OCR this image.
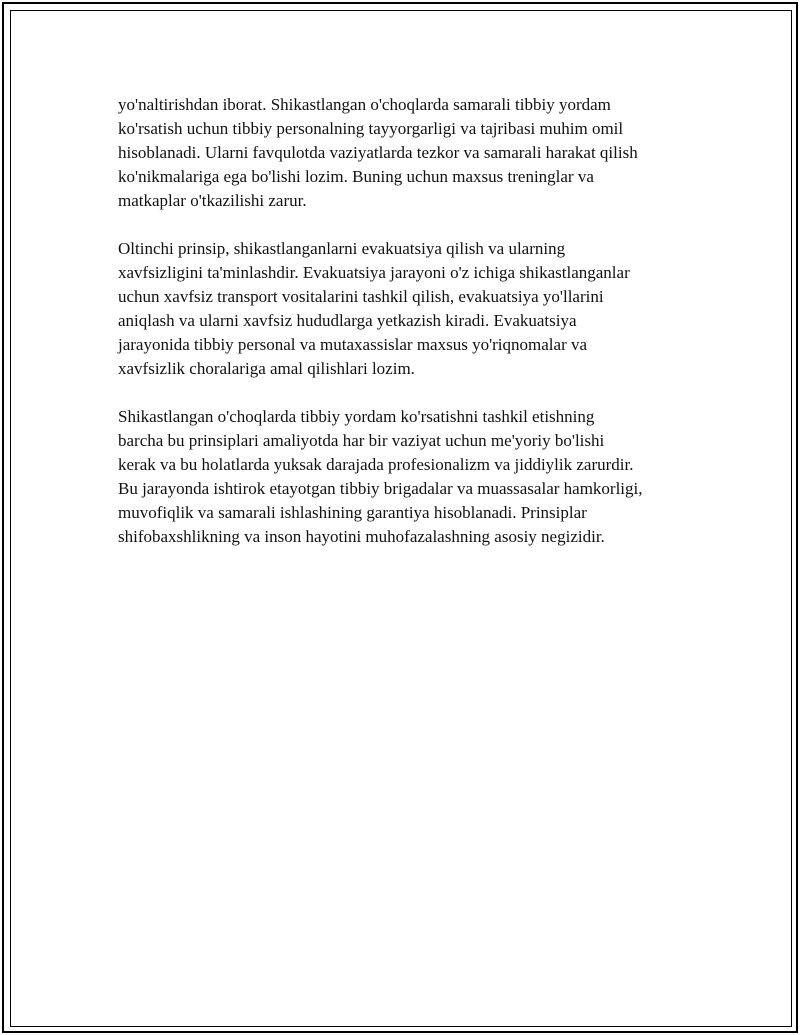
yo'naltirishdan iborat. Shikastlangan o'choqlarda samarali tibbiy yordam
ko'rsatish uchun tibbiy personalning tayyorgarligi va tajribasi muhim omil
hisoblanadi. Ularni favqulotda vaziyatlarda tezkor va samarali harakat qilish
ko'nikmalariga ega bo'lishi lozim. Buning uchun maxsus treninglar va
matkaplar o'tkazilishi zarur.

Oltinchi prinsip, shikastlanganlarni evakuatsiya qilish va ularning
xavfsizligini ta'minlashdir. Evakuatsiya jarayoni o'z ichiga shikastlanganlar
uchun xavfsiz transport vositalarini tashkil qilish, evakuatsiya yo'llarini
aniqlash va ularni xavfsiz hududlarga yetkazish kiradi. Evakuatsiya
jarayonida tibbiy personal va mutaxassislar maxsus yo'riqnomalar va
xavfsizlik choralariga amal qilishlari lozim.

Shikastlangan o'choqlarda tibbiy yordam ko'rsatishni tashkil etishning
barcha bu prinsiplari amaliyotda har bir vaziyat uchun me'yoriy bo'lishi
kerak va bu holatlarda yuksak darajada profesionalizm va jiddiylik zarurdir.
Bu jarayonda ishtirok etayotgan tibbiy brigadalar va muassasalar hamkorligi,
muvofiqlik va samarali ishlashining garantiya hisoblanadi. Prinsiplar
shifobaxshlikning va inson hayotini muhofazalashning asosiy negizidir.
